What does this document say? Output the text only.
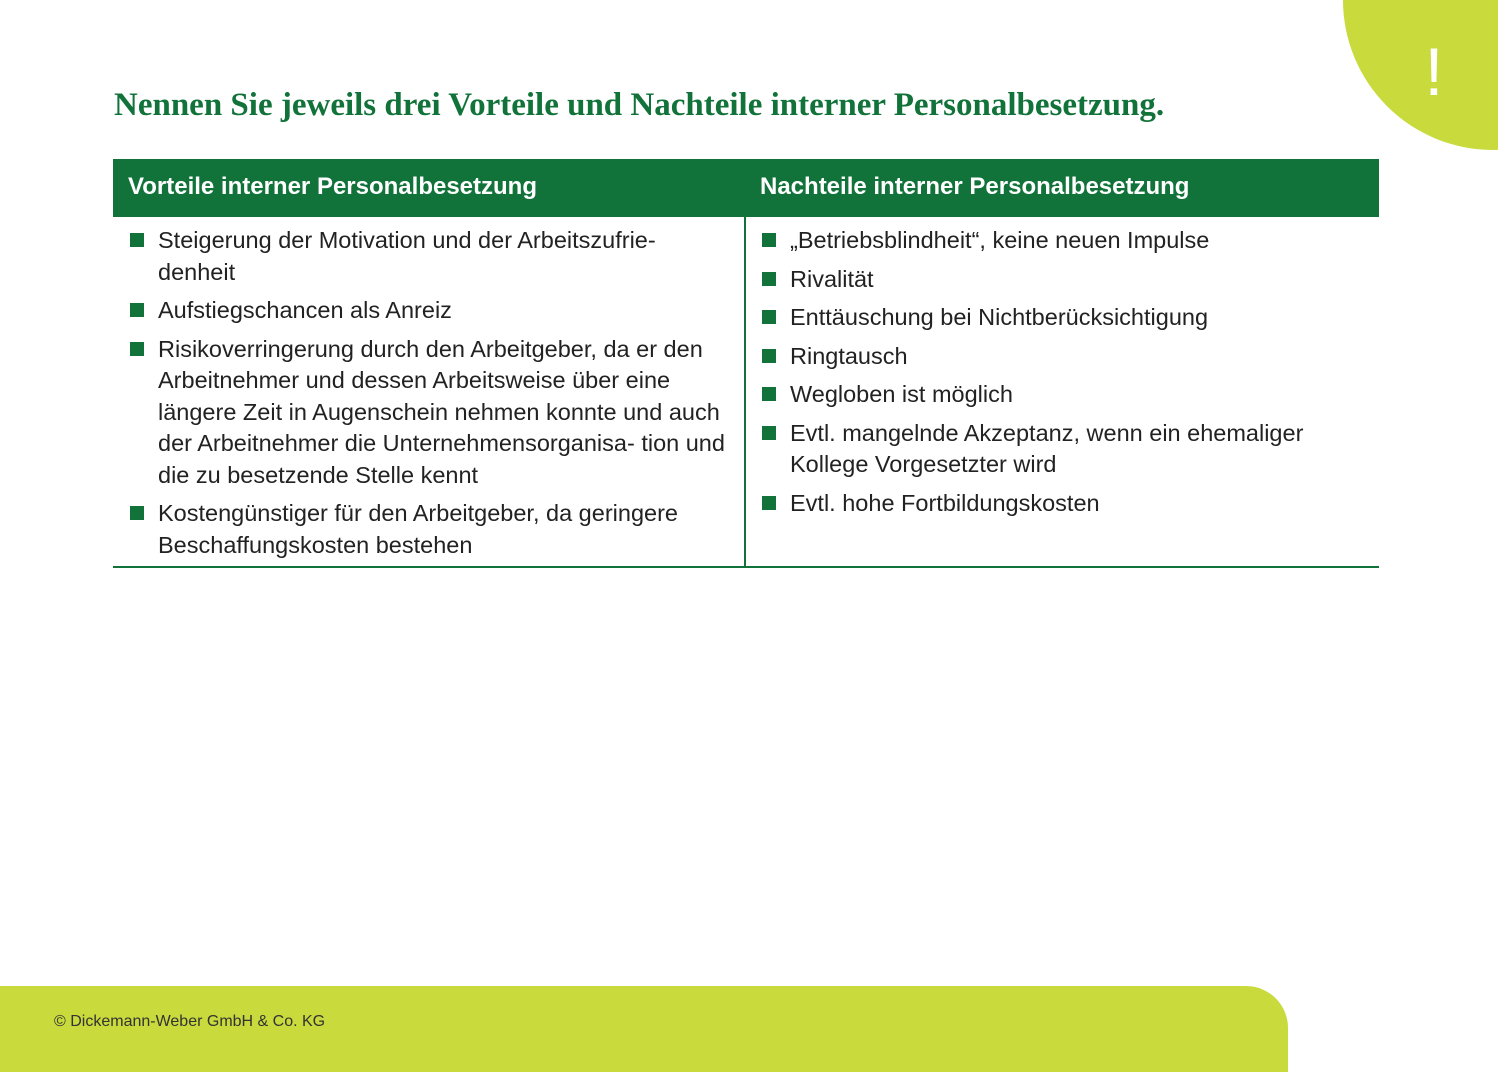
!
Nennen Sie jeweils drei Vorteile und Nachteile interner Personalbesetzung.
Vorteile interner Personalbesetzung	Nachteile interner Personalbesetzung
Steigerung der Motivation und der Arbeitszufrie- denheit
Aufstiegschancen als Anreiz
Risikoverringerung durch den Arbeitgeber, da er den Arbeitnehmer und dessen Arbeitsweise über eine längere Zeit in Augenschein nehmen konnte und auch der Arbeitnehmer die Unternehmensorganisa- tion und die zu besetzende Stelle kennt
Kostengünstiger für den Arbeitgeber, da geringere Beschaffungskosten bestehen
„Betriebsblindheit“, keine neuen Impulse
Rivalität
Enttäuschung bei Nichtberücksichtigung
Ringtausch
Wegloben ist möglich
Evtl. mangelnde Akzeptanz, wenn ein ehemaliger Kollege Vorgesetzter wird
Evtl. hohe Fortbildungskosten

© Dickemann-Weber GmbH & Co. KG
